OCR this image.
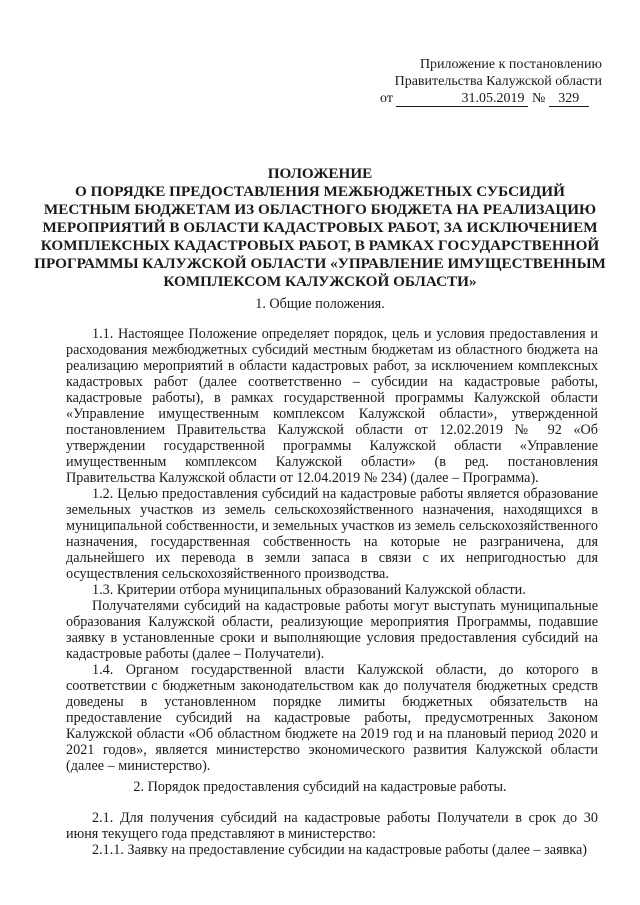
Приложение к постановлению
Правительства Калужской области
от	31.05.2019 № 329
ПОЛОЖЕНИЕ
О ПОРЯДКЕ ПРЕДОСТАВЛЕНИЯ МЕЖБЮДЖЕТНЫХ СУБСИДИЙ
МЕСТНЫМ БЮДЖЕТАМ ИЗ ОБЛАСТНОГО БЮДЖЕТА НА РЕАЛИЗАЦИЮ
МЕРОПРИЯТИЙ В ОБЛАСТИ КАДАСТРОВЫХ РАБОТ, ЗА ИСКЛЮЧЕНИЕМ
КОМПЛЕКСНЫХ КАДАСТРОВЫХ РАБОТ, В РАМКАХ ГОСУДАРСТВЕННОЙ
ПРОГРАММЫ КАЛУЖСКОЙ ОБЛАСТИ «УПРАВЛЕНИЕ ИМУЩЕСТВЕННЫМ
КОМПЛЕКСОМ КАЛУЖСКОЙ ОБЛАСТИ»
1. Общие положения.

1.1. Настоящее Положение определяет порядок, цель и условия предоставления и расходования межбюджетных субсидий местным бюджетам из областного бюджета на реализацию мероприятий в области кадастровых работ, за исключением комплексных кадастровых работ (далее соответственно – субсидии на кадастровые работы, кадастровые работы), в рамках государственной программы Калужской области «Управление имущественным комплексом Калужской области», утвержденной постановлением Правительства Калужской области от 12.02.2019 № 92 «Об утверждении государственной программы Калужской области «Управление имущественным комплексом Калужской области» (в ред. постановления Правительства Калужской области от 12.04.2019 № 234) (далее – Программа).

1.2. Целью предоставления субсидий на кадастровые работы является образование земельных участков из земель сельскохозяйственного назначения, находящихся в муниципальной собственности, и земельных участков из земель сельскохозяйственного назначения, государственная собственность на которые не разграничена, для дальнейшего их перевода в земли запаса в связи с их непригодностью для осуществления сельскохозяйственного производства.

1.3. Критерии отбора муниципальных образований Калужской области.

Получателями субсидий на кадастровые работы могут выступать муниципальные образования Калужской области, реализующие мероприятия Программы, подавшие заявку в установленные сроки и выполняющие условия предоставления субсидий на кадастровые работы (далее – Получатели).

1.4. Органом государственной власти Калужской области, до которого в соответствии с бюджетным законодательством как до получателя бюджетных средств доведены в установленном порядке лимиты бюджетных обязательств на предоставление субсидий на кадастровые работы, предусмотренных Законом Калужской области «Об областном бюджете на 2019 год и на плановый период 2020 и 2021 годов», является министерство экономического развития Калужской области (далее – министерство).

2. Порядок предоставления субсидий на кадастровые работы.

2.1. Для получения субсидий на кадастровые работы Получатели в срок до 30 июня текущего года представляют в министерство:

2.1.1. Заявку на предоставление субсидии на кадастровые работы (далее – заявка)
